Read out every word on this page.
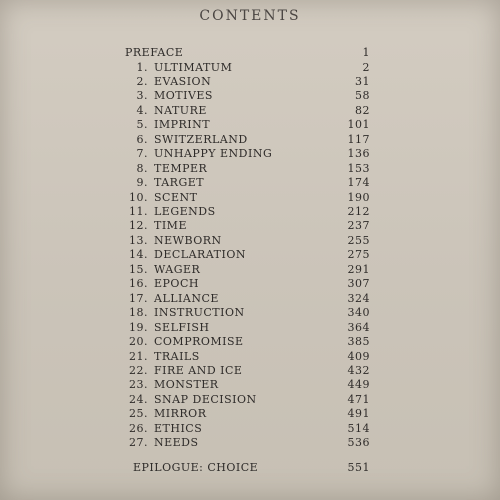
CONTENTS
PREFACE	1
1. ULTIMATUM	2
2. EVASION	31
3. MOTIVES	58
4. NATURE	82
5. IMPRINT	101
6. SWITZERLAND	117
7. UNHAPPY ENDING	136
8. TEMPER	153
9. TARGET	174
10. SCENT	190
11. LEGENDS	212
12. TIME	237
13. NEWBORN	255
14. DECLARATION	275
15. WAGER	291
16. EPOCH	307
17. ALLIANCE	324
18. INSTRUCTION	340
19. SELFISH	364
20. COMPROMISE	385
21. TRAILS	409
22. FIRE AND ICE	432
23. MONSTER	449
24. SNAP DECISION	471
25. MIRROR	491
26. ETHICS	514
27. NEEDS	536
EPILOGUE: CHOICE	551
